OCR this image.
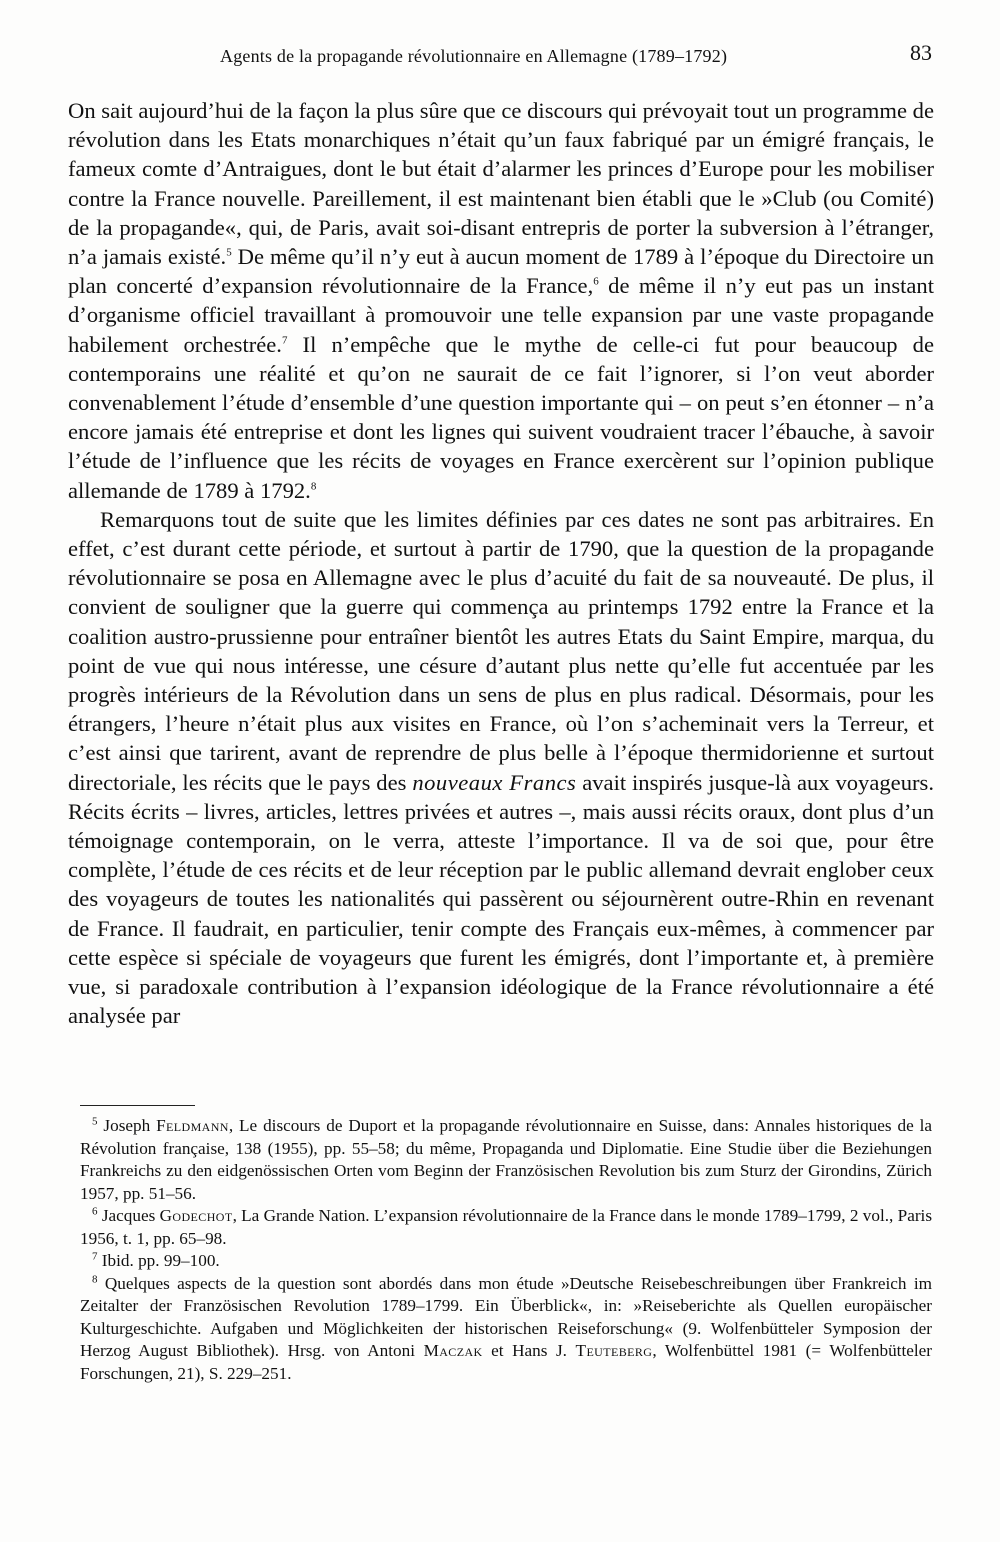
Agents de la propagande révolutionnaire en Allemagne (1789–1792)	83

On sait aujourd’hui de la façon la plus sûre que ce discours qui prévoyait tout un programme de révolution dans les Etats monarchiques n’était qu’un faux fabriqué par un émigré français, le fameux comte d’Antraigues, dont le but était d’alarmer les princes d’Europe pour les mobiliser contre la France nouvelle. Pareillement, il est maintenant bien établi que le »Club (ou Comité) de la propagande«, qui, de Paris, avait soi-disant entrepris de porter la subversion à l’étranger, n’a jamais existé.$^5$ De même qu’il n’y eut à aucun moment de 1789 à l’époque du Directoire un plan concerté d’expansion révolutionnaire de la France,$^6$ de même il n’y eut pas un instant d’organisme officiel travaillant à promouvoir une telle expansion par une vaste propagande habilement orchestrée.$^7$ Il n’empêche que le mythe de celle-ci fut pour beaucoup de contemporains une réalité et qu’on ne saurait de ce fait l’ignorer, si l’on veut aborder convenablement l’étude d’ensemble d’une question importante qui – on peut s’en étonner – n’a encore jamais été entreprise et dont les lignes qui suivent voudraient tracer l’ébauche, à savoir l’étude de l’influence que les récits de voyages en France exercèrent sur l’opinion publique allemande de 1789 à 1792.$^8$

Remarquons tout de suite que les limites définies par ces dates ne sont pas arbitraires. En effet, c’est durant cette période, et surtout à partir de 1790, que la question de la propagande révolutionnaire se posa en Allemagne avec le plus d’acuité du fait de sa nouveauté. De plus, il convient de souligner que la guerre qui commença au printemps 1792 entre la France et la coalition austro-prussienne pour entraîner bientôt les autres Etats du Saint Empire, marqua, du point de vue qui nous intéresse, une césure d’autant plus nette qu’elle fut accentuée par les progrès intérieurs de la Révolution dans un sens de plus en plus radical. Désormais, pour les étrangers, l’heure n’était plus aux visites en France, où l’on s’acheminait vers la Terreur, et c’est ainsi que tarirent, avant de reprendre de plus belle à l’époque thermidorienne et surtout directoriale, les récits que le pays des nouveaux Francs avait inspirés jusque-là aux voyageurs. Récits écrits – livres, articles, lettres privées et autres –, mais aussi récits oraux, dont plus d’un témoignage contemporain, on le verra, atteste l’importance. Il va de soi que, pour être complète, l’étude de ces récits et de leur réception par le public allemand devrait englober ceux des voyageurs de toutes les nationalités qui passèrent ou séjournèrent outre-Rhin en revenant de France. Il faudrait, en particulier, tenir compte des Français eux-mêmes, à commencer par cette espèce si spéciale de voyageurs que furent les émigrés, dont l’importante et, à première vue, si paradoxale contribution à l’expansion idéologique de la France révolutionnaire a été analysée par

$^5$ Joseph Feldmann, Le discours de Duport et la propagande révolutionnaire en Suisse, dans: Annales historiques de la Révolution française, 138 (1955), pp. 55–58; du même, Propaganda und Diplomatie. Eine Studie über die Beziehungen Frankreichs zu den eidgenössischen Orten vom Beginn der Französischen Revolution bis zum Sturz der Girondins, Zürich 1957, pp. 51–56.

$^6$ Jacques Godechot, La Grande Nation. L’expansion révolutionnaire de la France dans le monde 1789–1799, 2 vol., Paris 1956, t. 1, pp. 65–98.

$^7$ Ibid. pp. 99–100.

$^8$ Quelques aspects de la question sont abordés dans mon étude »Deutsche Reisebeschreibungen über Frankreich im Zeitalter der Französischen Revolution 1789–1799. Ein Überblick«, in: »Reiseberichte als Quellen europäischer Kulturgeschichte. Aufgaben und Möglichkeiten der historischen Reiseforschung« (9. Wolfenbütteler Symposion der Herzog August Bibliothek). Hrsg. von Antoni Maczak et Hans J. Teuteberg, Wolfenbüttel 1981 (= Wolfenbütteler Forschungen, 21), S. 229–251.
